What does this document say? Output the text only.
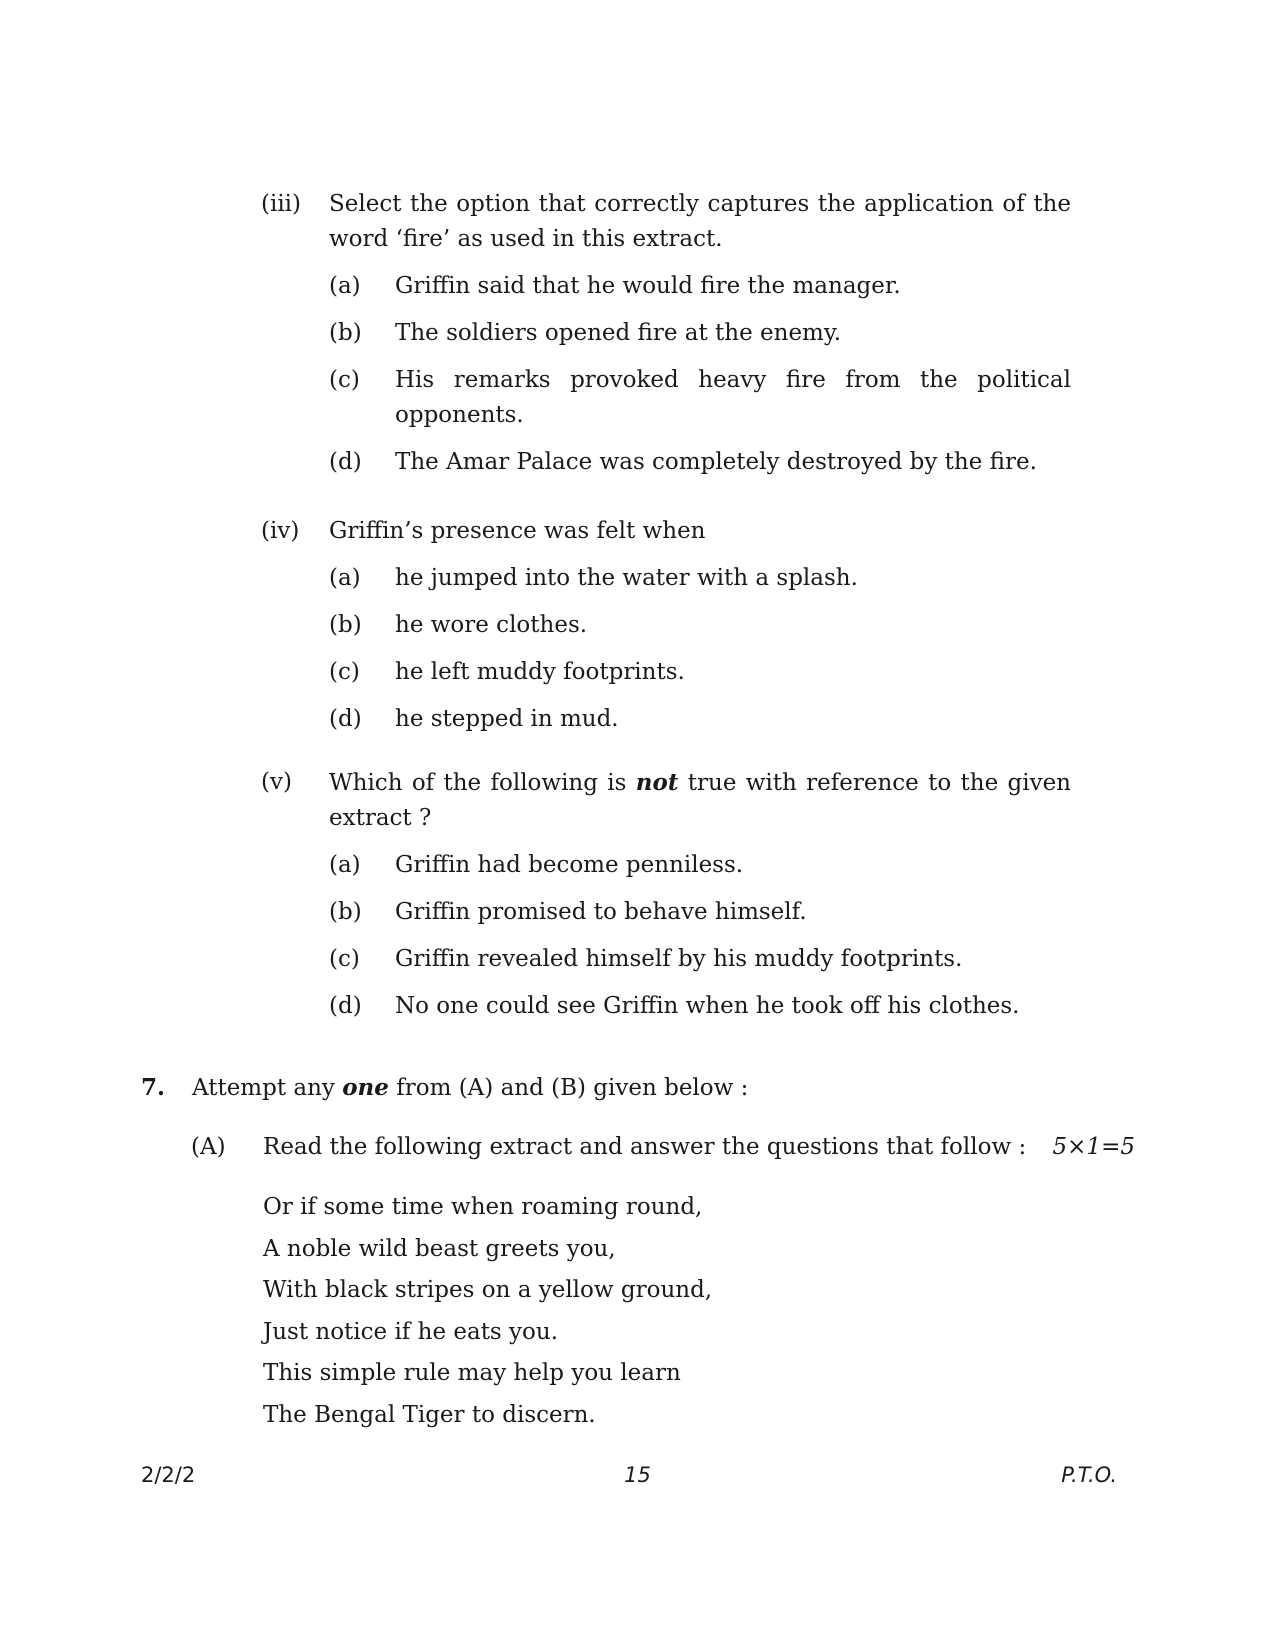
(iii) Select the option that correctly captures the application of the word ‘fire’ as used in this extract.
(a) Griffin said that he would fire the manager.
(b) The soldiers opened fire at the enemy.
(c) His remarks provoked heavy fire from the political opponents.
(d) The Amar Palace was completely destroyed by the fire.
(iv) Griffin’s presence was felt when
(a) he jumped into the water with a splash.
(b) he wore clothes.
(c) he left muddy footprints.
(d) he stepped in mud.
(v) Which of the following is not true with reference to the given extract ?
(a) Griffin had become penniless.
(b) Griffin promised to behave himself.
(c) Griffin revealed himself by his muddy footprints.
(d) No one could see Griffin when he took off his clothes.
7. Attempt any one from (A) and (B) given below :
(A) Read the following extract and answer the questions that follow :	5×1=5
Or if some time when roaming round,
A noble wild beast greets you,
With black stripes on a yellow ground,
Just notice if he eats you.
This simple rule may help you learn
The Bengal Tiger to discern.
2/2/2	15	P.T.O.
